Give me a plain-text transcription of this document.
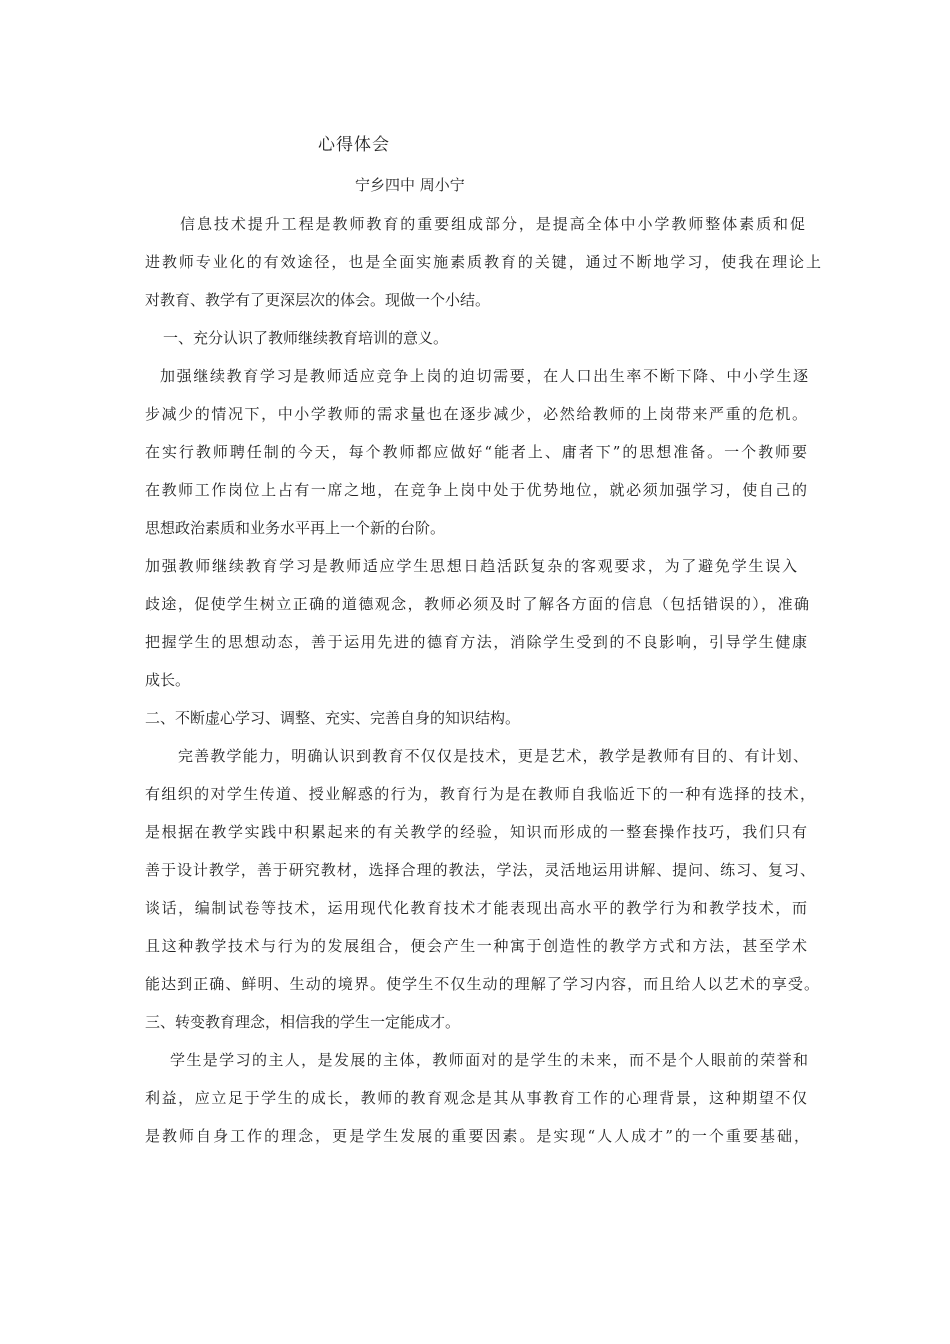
心得体会
宁乡四中 周小宁
信息技术提升工程是教师教育的重要组成部分，是提高全体中小学教师整体素质和促
进教师专业化的有效途径，也是全面实施素质教育的关键，通过不断地学习，使我在理论上
对教育、教学有了更深层次的体会。现做一个小结。
一、充分认识了教师继续教育培训的意义。
加强继续教育学习是教师适应竞争上岗的迫切需要，在人口出生率不断下降、中小学生逐
步减少的情况下，中小学教师的需求量也在逐步减少，必然给教师的上岗带来严重的危机。
在实行教师聘任制的今天，每个教师都应做好“能者上、庸者下”的思想准备。一个教师要
在教师工作岗位上占有一席之地，在竞争上岗中处于优势地位，就必须加强学习，使自己的
思想政治素质和业务水平再上一个新的台阶。
加强教师继续教育学习是教师适应学生思想日趋活跃复杂的客观要求，为了避免学生误入
歧途，促使学生树立正确的道德观念，教师必须及时了解各方面的信息（包括错误的），准确
把握学生的思想动态，善于运用先进的德育方法，消除学生受到的不良影响，引导学生健康
成长。
二、不断虚心学习、调整、充实、完善自身的知识结构。
完善教学能力，明确认识到教育不仅仅是技术，更是艺术，教学是教师有目的、有计划、
有组织的对学生传道、授业解惑的行为，教育行为是在教师自我临近下的一种有选择的技术，
是根据在教学实践中积累起来的有关教学的经验，知识而形成的一整套操作技巧，我们只有
善于设计教学，善于研究教材，选择合理的教法，学法，灵活地运用讲解、提问、练习、复习、
谈话，编制试卷等技术，运用现代化教育技术才能表现出高水平的教学行为和教学技术，而
且这种教学技术与行为的发展组合，便会产生一种寓于创造性的教学方式和方法，甚至学术
能达到正确、鲜明、生动的境界。使学生不仅生动的理解了学习内容，而且给人以艺术的享受。
三、转变教育理念，相信我的学生一定能成才。
学生是学习的主人，是发展的主体，教师面对的是学生的未来，而不是个人眼前的荣誉和
利益，应立足于学生的成长，教师的教育观念是其从事教育工作的心理背景，这种期望不仅
是教师自身工作的理念，更是学生发展的重要因素。是实现“人人成才”的一个重要基础，
